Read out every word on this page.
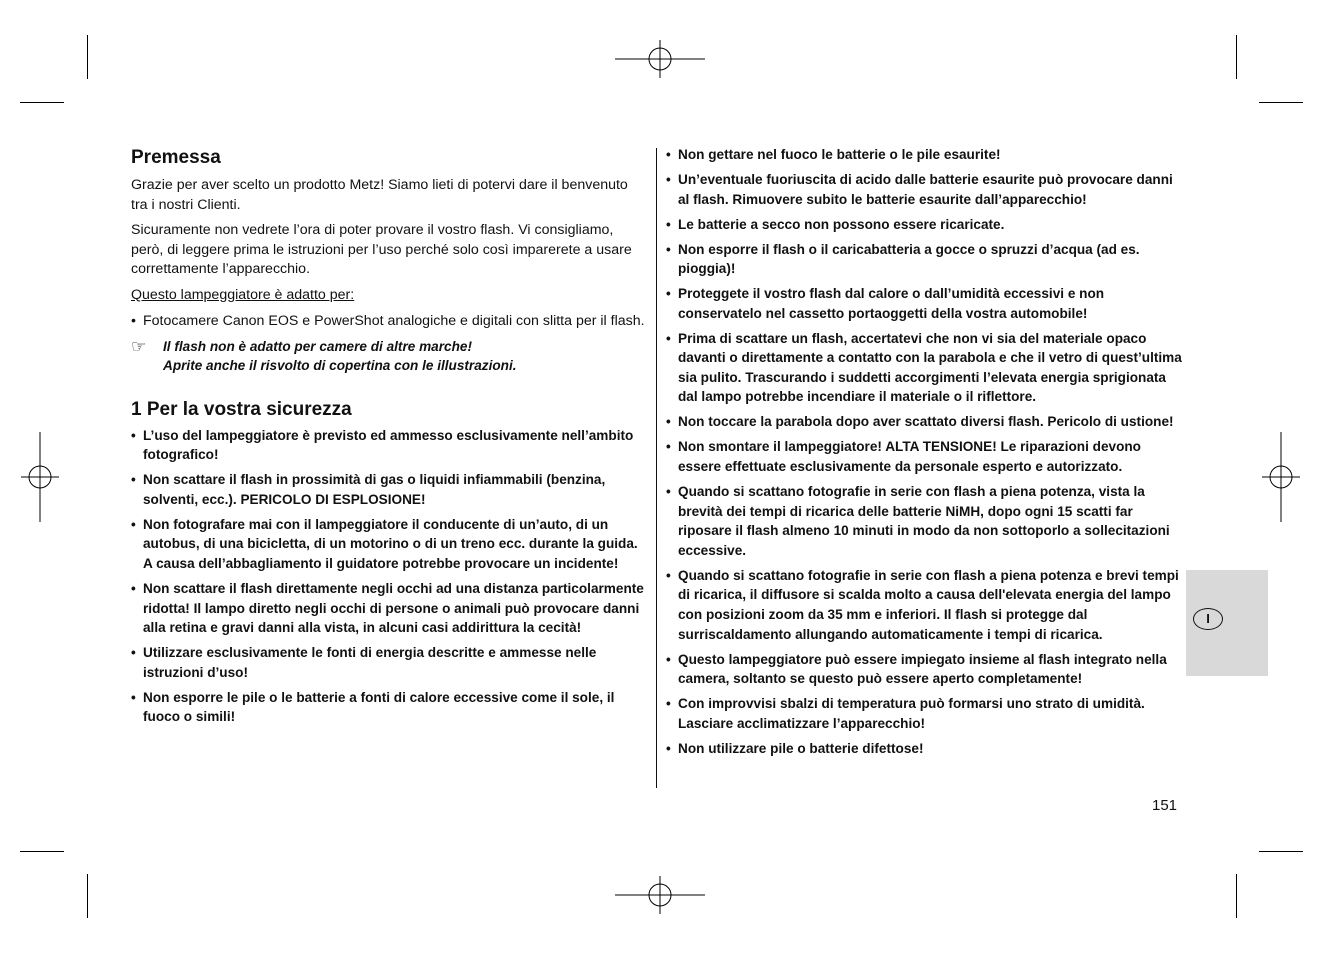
Premessa

Grazie per aver scelto un prodotto Metz! Siamo lieti di potervi dare il benvenuto tra i nostri Clienti.

Sicuramente non vedrete l’ora di poter provare il vostro flash. Vi consigliamo, però, di leggere prima le istruzioni per l’uso perché solo così imparerete a usare correttamente l’apparecchio.

Questo lampeggiatore è adatto per:

• Fotocamere Canon EOS e PowerShot analogiche e digitali con slitta per il flash.
☞ Il flash non è adatto per camere di altre marche!
Aprite anche il risvolto di copertina con le illustrazioni.
1 Per la vostra sicurezza
• L’uso del lampeggiatore è previsto ed ammesso esclusivamente nell’ambito fotografico!
• Non scattare il flash in prossimità di gas o liquidi infiammabili (benzina, solventi, ecc.). PERICOLO DI ESPLOSIONE!
• Non fotografare mai con il lampeggiatore il conducente di un’auto, di un autobus, di una bicicletta, di un motorino o di un treno ecc. durante la guida. A causa dell’abbagliamento il guidatore potrebbe provocare un incidente!
• Non scattare il flash direttamente negli occhi ad una distanza particolarmente ridotta! Il lampo diretto negli occhi di persone o animali può provocare danni alla retina e gravi danni alla vista, in alcuni casi addirittura la cecità!
• Utilizzare esclusivamente le fonti di energia descritte e ammesse nelle istruzioni d’uso!
• Non esporre le pile o le batterie a fonti di calore eccessive come il sole, il fuoco o simili!
• Non gettare nel fuoco le batterie o le pile esaurite!
• Un’eventuale fuoriuscita di acido dalle batterie esaurite può provocare danni al flash. Rimuovere subito le batterie esaurite dall’apparecchio!
• Le batterie a secco non possono essere ricaricate.
• Non esporre il flash o il caricabatteria a gocce o spruzzi d’acqua (ad es. pioggia)!
• Proteggete il vostro flash dal calore o dall’umidità eccessivi e non conservatelo nel cassetto portaoggetti della vostra automobile!
• Prima di scattare un flash, accertatevi che non vi sia del materiale opaco davanti o direttamente a contatto con la parabola e che il vetro di quest’ultima sia pulito. Trascurando i suddetti accorgimenti l’elevata energia sprigionata dal lampo potrebbe incendiare il materiale o il riflettore.
• Non toccare la parabola dopo aver scattato diversi flash. Pericolo di ustione!
• Non smontare il lampeggiatore! ALTA TENSIONE! Le riparazioni devono essere effettuate esclusivamente da personale esperto e autorizzato.
• Quando si scattano fotografie in serie con flash a piena potenza, vista la brevità dei tempi di ricarica delle batterie NiMH, dopo ogni 15 scatti far riposare il flash almeno 10 minuti in modo da non sottoporlo a sollecitazioni eccessive.
• Quando si scattano fotografie in serie con flash a piena potenza e brevi tempi di ricarica, il diffusore si scalda molto a causa dell'elevata energia del lampo con posizioni zoom da 35 mm e inferiori. Il flash si protegge dal surriscaldamento allungando automaticamente i tempi di ricarica.
• Questo lampeggiatore può essere impiegato insieme al flash integrato nella camera, soltanto se questo può essere aperto completamente!
• Con improvvisi sbalzi di temperatura può formarsi uno strato di umidità. Lasciare acclimatizzare l’apparecchio!
• Non utilizzare pile o batterie difettose!
I
151
